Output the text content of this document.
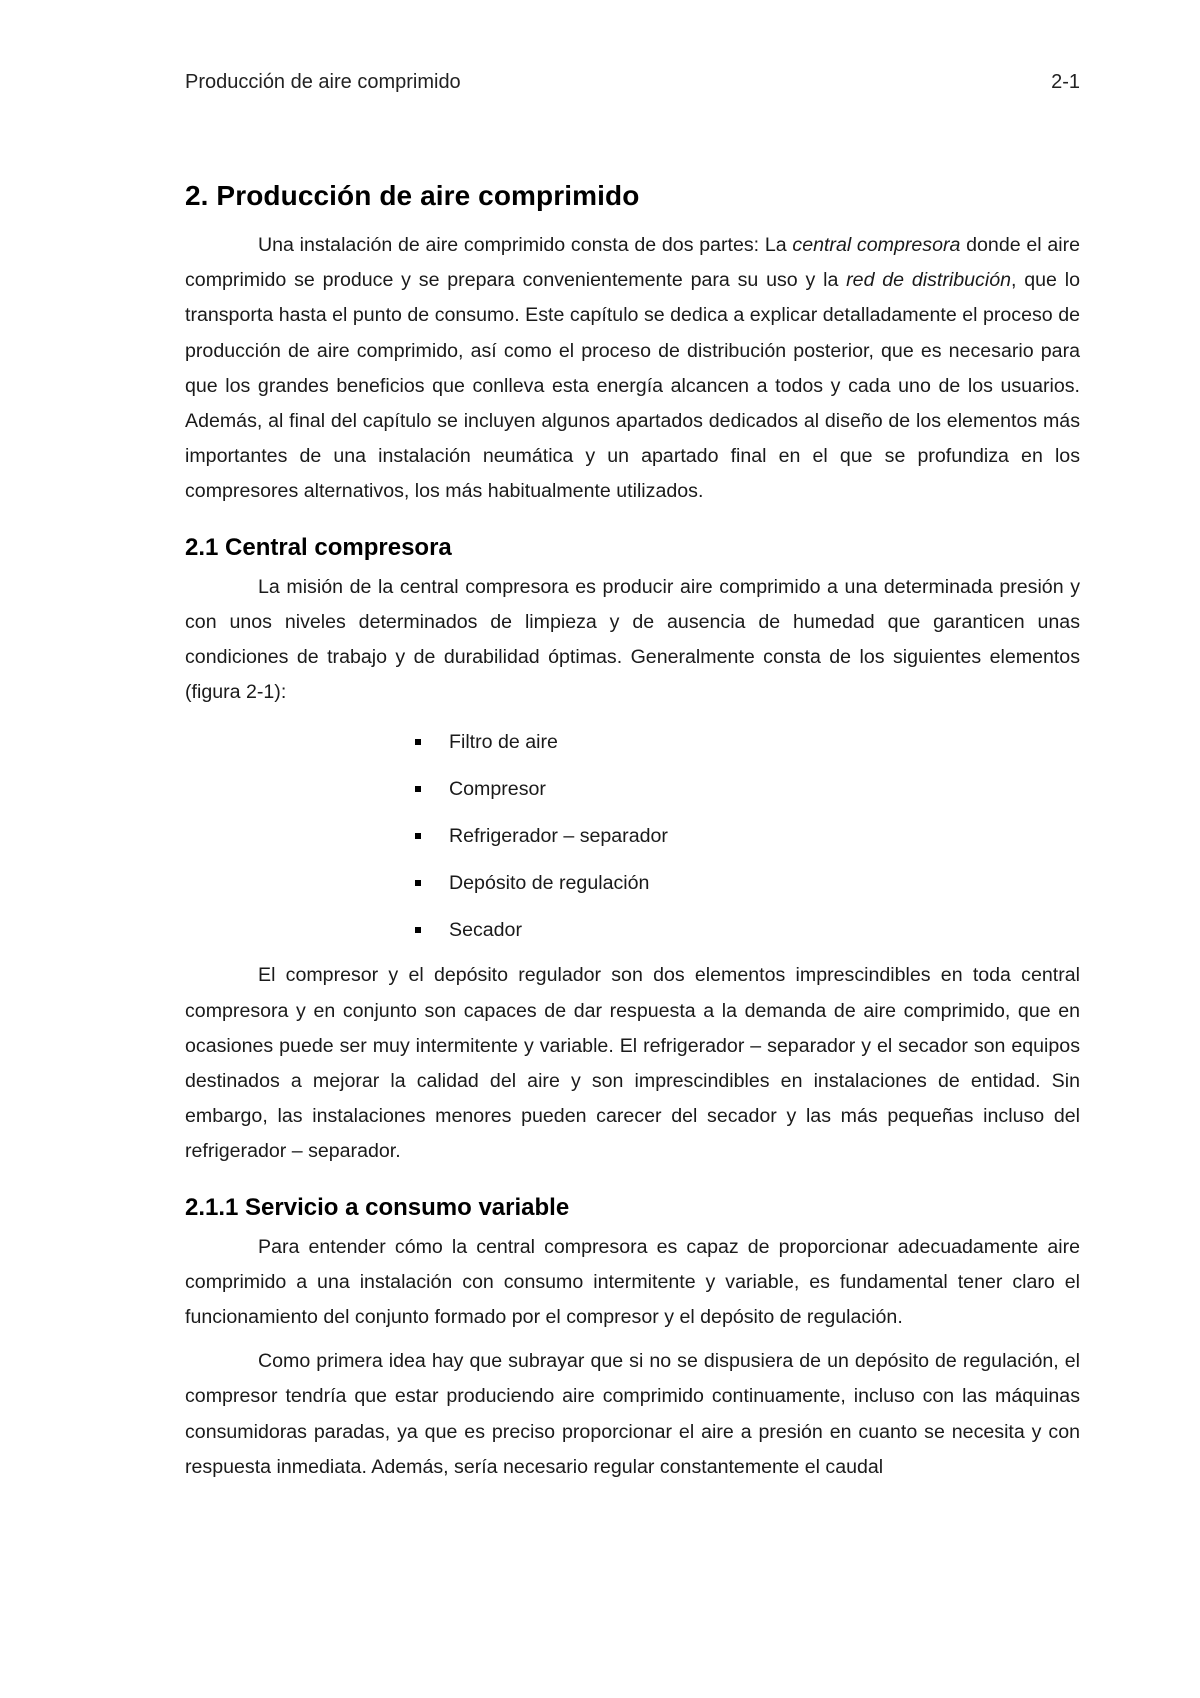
Producción de aire comprimido	2-1
2. Producción de aire comprimido

Una instalación de aire comprimido consta de dos partes: La central compresora donde el aire comprimido se produce y se prepara convenientemente para su uso y la red de distribución, que lo transporta hasta el punto de consumo. Este capítulo se dedica a explicar detalladamente el proceso de producción de aire comprimido, así como el proceso de distribución posterior, que es necesario para que los grandes beneficios que conlleva esta energía alcancen a todos y cada uno de los usuarios. Además, al final del capítulo se incluyen algunos apartados dedicados al diseño de los elementos más importantes de una instalación neumática y un apartado final en el que se profundiza en los compresores alternativos, los más habitualmente utilizados.

2.1 Central compresora

La misión de la central compresora es producir aire comprimido a una determinada presión y con unos niveles determinados de limpieza y de ausencia de humedad que garanticen unas condiciones de trabajo y de durabilidad óptimas. Generalmente consta de los siguientes elementos (figura 2-1):

Filtro de aire
Compresor
Refrigerador – separador
Depósito de regulación
Secador

El compresor y el depósito regulador son dos elementos imprescindibles en toda central compresora y en conjunto son capaces de dar respuesta a la demanda de aire comprimido, que en ocasiones puede ser muy intermitente y variable. El refrigerador – separador y el secador son equipos destinados a mejorar la calidad del aire y son imprescindibles en instalaciones de entidad. Sin embargo, las instalaciones menores pueden carecer del secador y las más pequeñas incluso del refrigerador – separador.

2.1.1 Servicio a consumo variable

Para entender cómo la central compresora es capaz de proporcionar adecuadamente aire comprimido a una instalación con consumo intermitente y variable, es fundamental tener claro el funcionamiento del conjunto formado por el compresor y el depósito de regulación.

Como primera idea hay que subrayar que si no se dispusiera de un depósito de regulación, el compresor tendría que estar produciendo aire comprimido continuamente, incluso con las máquinas consumidoras paradas, ya que es preciso proporcionar el aire a presión en cuanto se necesita y con respuesta inmediata. Además, sería necesario regular constantemente el caudal
